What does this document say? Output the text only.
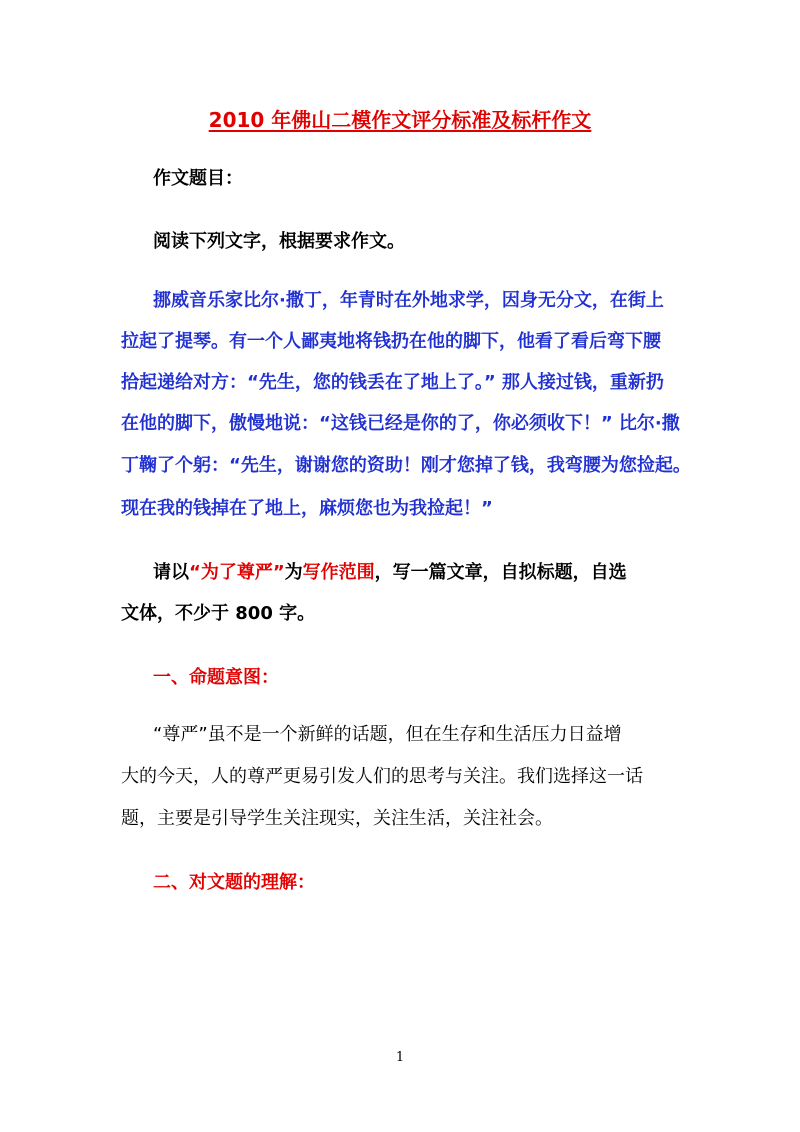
2010 年佛山二模作文评分标准及标杆作文
作文题目：
阅读下列文字，根据要求作文。
挪威音乐家比尔·撒丁，年青时在外地求学，因身无分文，在街上
拉起了提琴。有一个人鄙夷地将钱扔在他的脚下，他看了看后弯下腰
拾起递给对方：“先生，您的钱丢在了地上了。” 那人接过钱，重新扔
在他的脚下，傲慢地说：“这钱已经是你的了，你必须收下！” 比尔·撒
丁鞠了个躬：“先生，谢谢您的资助！刚才您掉了钱，我弯腰为您捡起。
现在我的钱掉在了地上，麻烦您也为我捡起！”
请以“为了尊严”为写作范围，写一篇文章，自拟标题，自选
文体，不少于 800 字。
一、命题意图：
“尊严”虽不是一个新鲜的话题，但在生存和生活压力日益增
大的今天，人的尊严更易引发人们的思考与关注。我们选择这一话
题，主要是引导学生关注现实，关注生活，关注社会。
二、对文题的理解：
1
